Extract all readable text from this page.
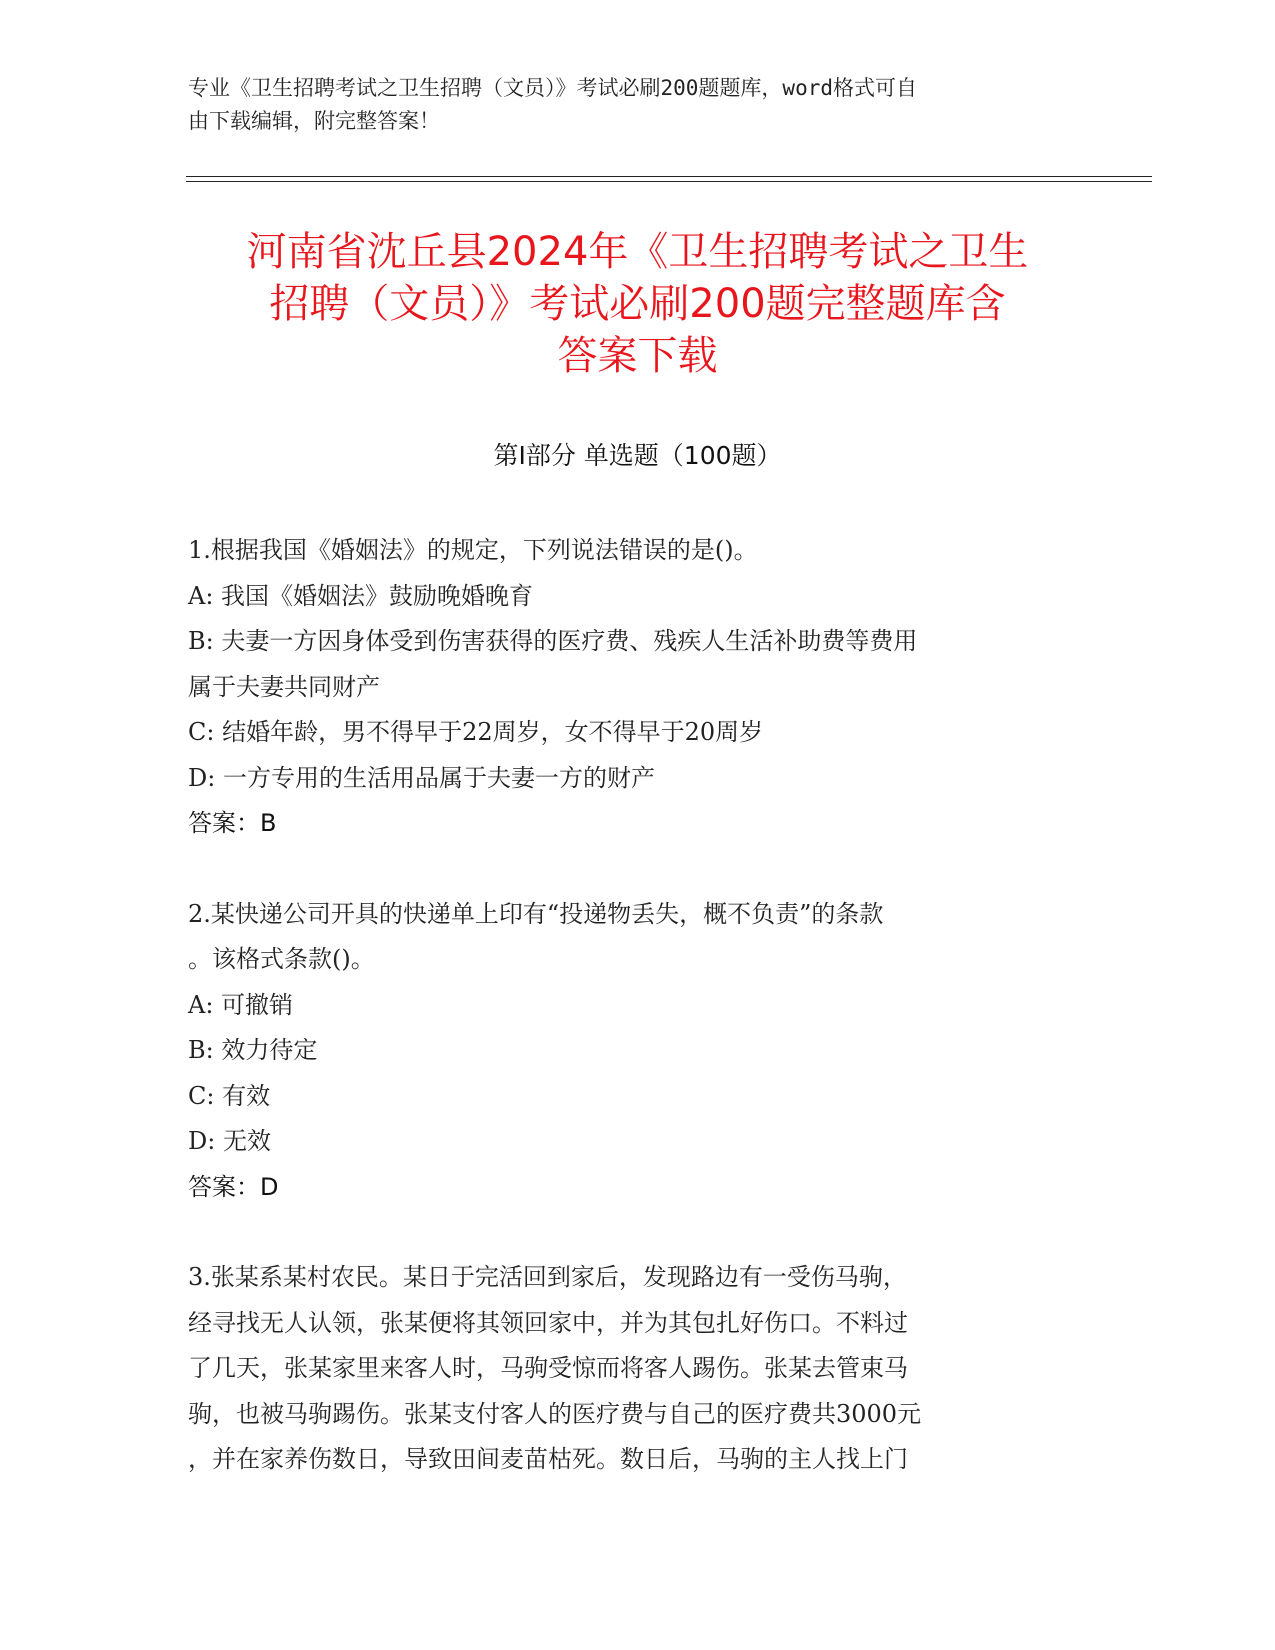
专业《卫生招聘考试之卫生招聘（文员）》考试必刷200题题库，word格式可自
由下载编辑，附完整答案！
河南省沈丘县2024年《卫生招聘考试之卫生
招聘（文员）》考试必刷200题完整题库含
答案下载
第Ⅰ部分 单选题（100题）
1.根据我国《婚姻法》的规定，下列说法错误的是()。
A: 我国《婚姻法》鼓励晚婚晚育
B: 夫妻一方因身体受到伤害获得的医疗费、残疾人生活补助费等费用
属于夫妻共同财产
C: 结婚年龄，男不得早于22周岁，女不得早于20周岁
D: 一方专用的生活用品属于夫妻一方的财产
答案：B
2.某快递公司开具的快递单上印有“投递物丢失，概不负责”的条款
。该格式条款()。
A: 可撤销
B: 效力待定
C: 有效
D: 无效
答案：D
3.张某系某村农民。某日于完活回到家后，发现路边有一受伤马驹，
经寻找无人认领，张某便将其领回家中，并为其包扎好伤口。不料过
了几天，张某家里来客人时，马驹受惊而将客人踢伤。张某去管束马
驹，也被马驹踢伤。张某支付客人的医疗费与自己的医疗费共3000元
，并在家养伤数日，导致田间麦苗枯死。数日后，马驹的主人找上门
